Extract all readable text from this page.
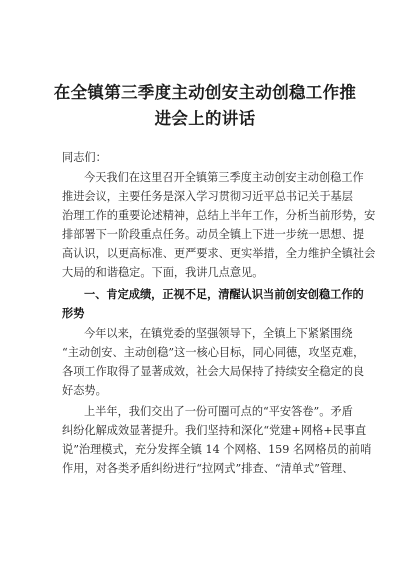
在全镇第三季度主动创安主动创稳工作推
进会上的讲话
同志们：
今天我们在这里召开全镇第三季度主动创安主动创稳工作
推进会议，主要任务是深入学习贯彻习近平总书记关于基层
治理工作的重要论述精神，总结上半年工作，分析当前形势，安
排部署下一阶段重点任务。动员全镇上下进一步统一思想、提
高认识，以更高标准、更严要求、更实举措，全力维护全镇社会
大局的和谐稳定。下面，我讲几点意见。
一、肯定成绩，正视不足，清醒认识当前创安创稳工作的
形势
今年以来，在镇党委的坚强领导下，全镇上下紧紧围绕
“主动创安、主动创稳”这一核心目标，同心同德，攻坚克难，
各项工作取得了显著成效，社会大局保持了持续安全稳定的良
好态势。
上半年，我们交出了一份可圈可点的“平安答卷”。矛盾
纠纷化解成效显著提升。我们坚持和深化“党建+网格+民事直
说”治理模式，充分发挥全镇 14 个网格、159 名网格员的前哨
作用，对各类矛盾纠纷进行“拉网式”排查、“清单式”管理、
